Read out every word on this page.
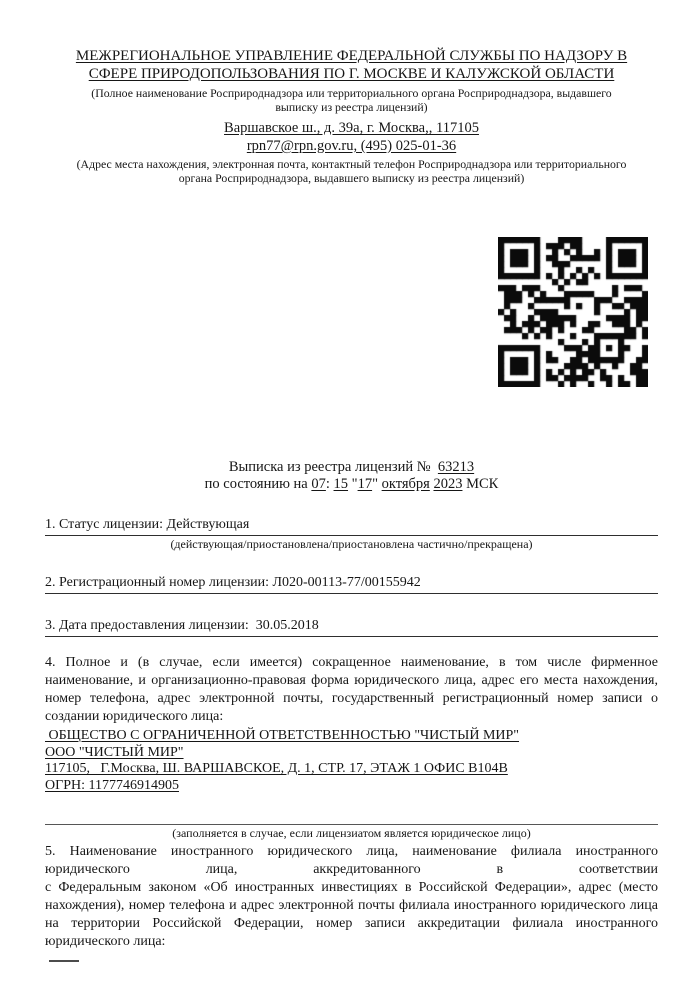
МЕЖРЕГИОНАЛЬНОЕ УПРАВЛЕНИЕ ФЕДЕРАЛЬНОЙ СЛУЖБЫ ПО НАДЗОРУ В
СФЕРЕ ПРИРОДОПОЛЬЗОВАНИЯ ПО Г. МОСКВЕ И КАЛУЖСКОЙ ОБЛАСТИ
(Полное наименование Росприроднадзора или территориального органа Росприроднадзора, выдавшего выписку из реестра лицензий)
Варшавское ш., д. 39а, г. Москва,, 117105
rpn77@rpn.gov.ru, (495) 025-01-36
(Адрес места нахождения, электронная почта, контактный телефон Росприроднадзора или территориального органа Росприроднадзора, выдавшего выписку из реестра лицензий)
Выписка из реестра лицензий №  63213
по состоянию на 07: 15 "17" октября 2023 МСК
1. Статус лицензии: Действующая
(действующая/приостановлена/приостановлена частично/прекращена)
2. Регистрационный номер лицензии: Л020-00113-77/00155942
3. Дата предоставления лицензии:  30.05.2018
4. Полное и (в случае, если имеется) сокращенное наименование, в том числе фирменное наименование, и организационно-правовая форма юридического лица, адрес его места нахождения, номер телефона, адрес электронной почты, государственный регистрационный номер записи о создании юридического лица:
ОБЩЕСТВО С ОГРАНИЧЕННОЙ ОТВЕТСТВЕННОСТЬЮ "ЧИСТЫЙ МИР"
ООО "ЧИСТЫЙ МИР"
117105,   Г.Москва, Ш. ВАРШАВСКОЕ, Д. 1, СТР. 17, ЭТАЖ 1 ОФИС В104В
ОГРН: 1177746914905
(заполняется в случае, если лицензиатом является юридическое лицо)
5. Наименование иностранного юридического лица, наименование филиала иностранного юридического лица, аккредитованного в соответствии
с Федеральным законом «Об иностранных инвестициях в Российской Федерации», адрес (место нахождения), номер телефона и адрес электронной почты филиала иностранного юридического лица на территории Российской Федерации, номер записи аккредитации филиала иностранного юридического лица:
